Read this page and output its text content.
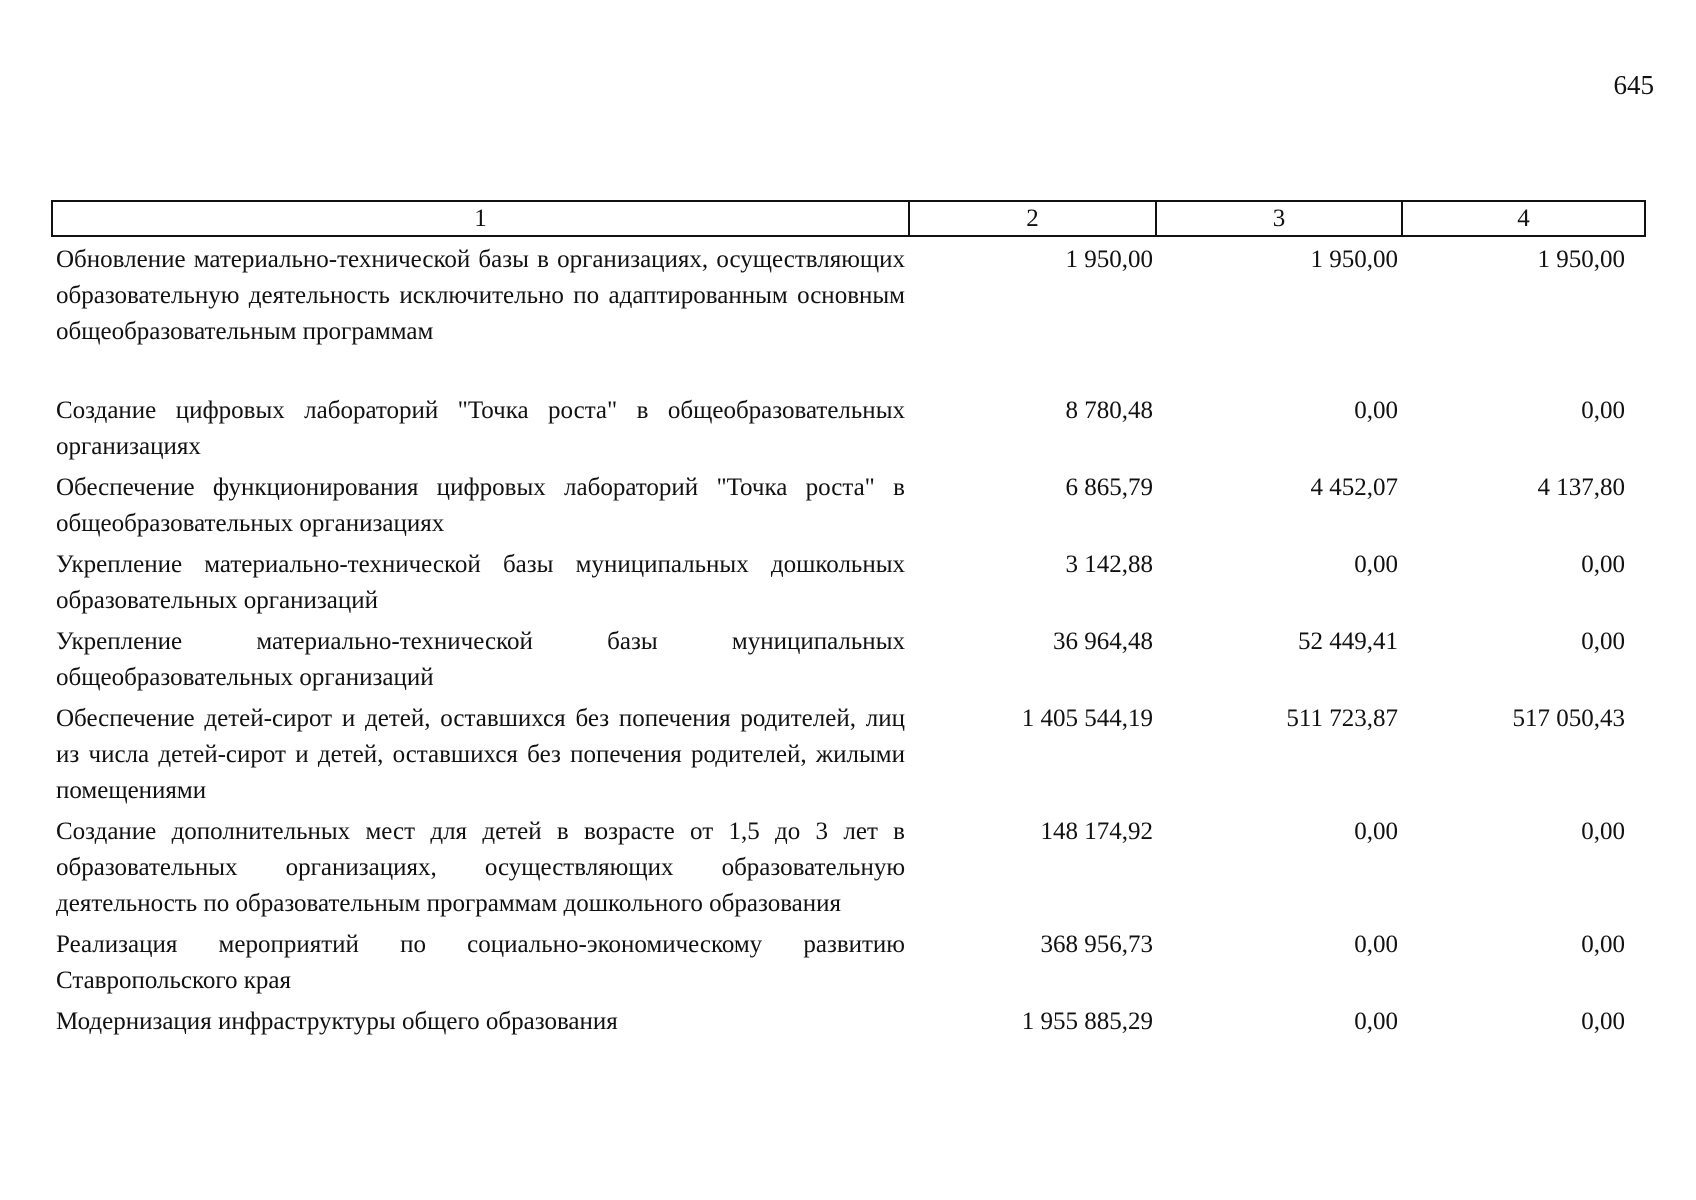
645
1	2	3	4
Обновление материально-технической базы в организациях, осуществляющих образовательную деятельность исключительно по адаптированным основным общеобразовательным программам	1 950,00	1 950,00	1 950,00

Создание цифровых лабораторий "Точка роста" в общеобразовательных организациях	8 780,48	0,00	0,00
Обеспечение функционирования цифровых лабораторий "Точка роста" в общеобразовательных организациях	6 865,79	4 452,07	4 137,80
Укрепление материально-технической базы муниципальных дошкольных образовательных организаций	3 142,88	0,00	0,00
Укрепление материально-технической базы муниципальных общеобразовательных организаций	36 964,48	52 449,41	0,00
Обеспечение детей-сирот и детей, оставшихся без попечения родителей, лиц из числа детей-сирот и детей, оставшихся без попечения родителей, жилыми помещениями	1 405 544,19	511 723,87	517 050,43
Создание дополнительных мест для детей в возрасте от 1,5 до 3 лет в образовательных организациях, осуществляющих образовательную деятельность по образовательным программам дошкольного образования	148 174,92	0,00	0,00
Реализация мероприятий по социально-экономическому развитию Ставропольского края	368 956,73	0,00	0,00
Модернизация инфраструктуры общего образования	1 955 885,29	0,00	0,00
